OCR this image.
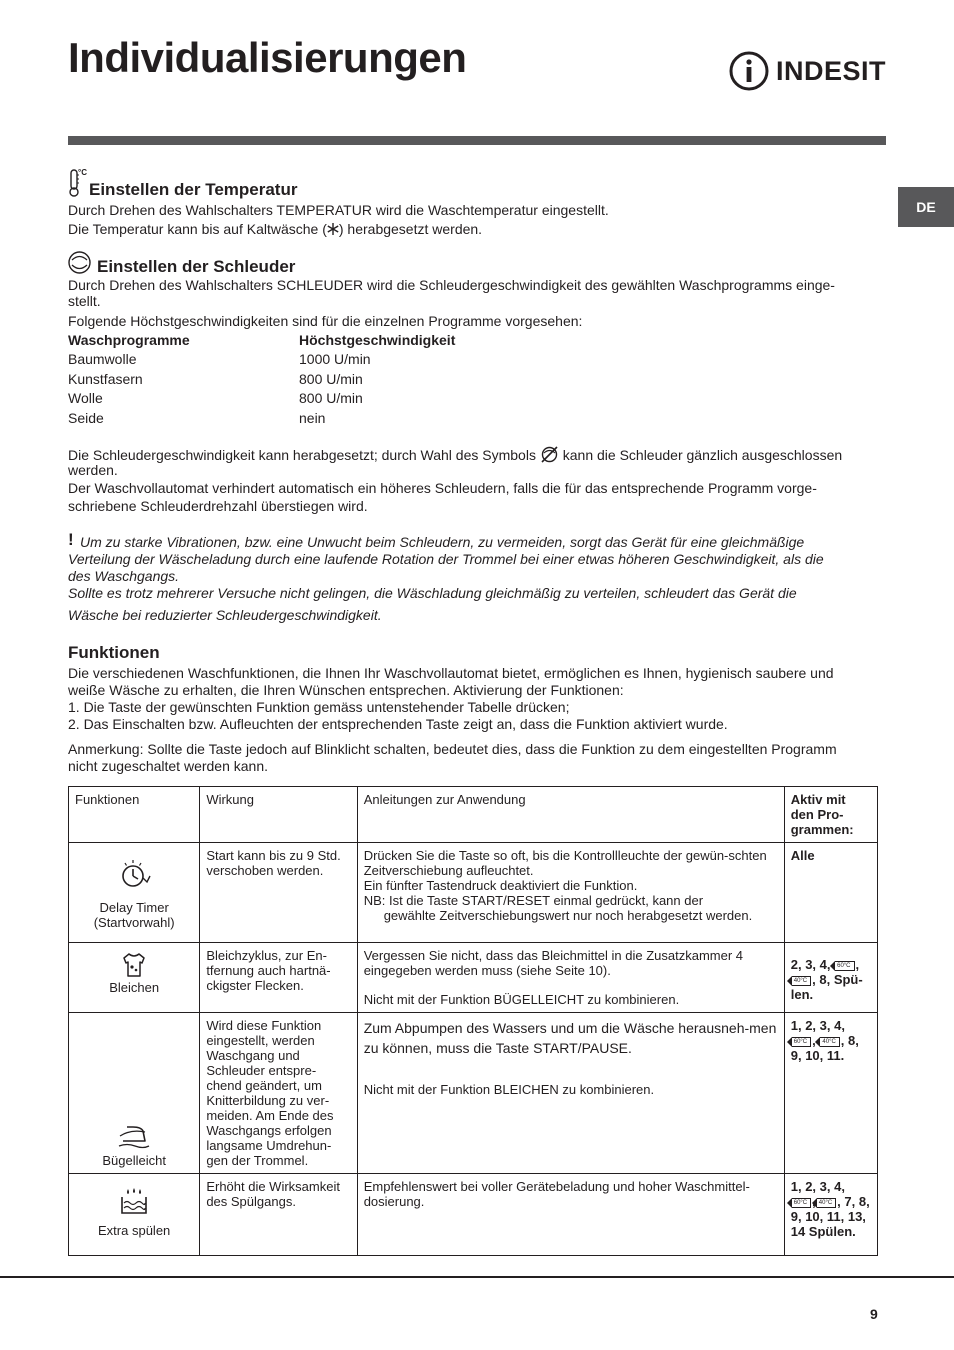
Individualisierungen	INDESIT
DE
°C
Einstellen der Temperatur

Durch Drehen des Wahlschalters TEMPERATUR wird die Waschtemperatur eingestellt.

Die Temperatur kann bis auf Kaltwäsche ( ) herabgesetzt werden.

Einstellen der Schleuder

Durch Drehen des Wahlschalters SCHLEUDER wird die Schleudergeschwindigkeit des gewählten Waschprogramms einge-

stellt.

Folgende Höchstgeschwindigkeiten sind für die einzelnen Programme vorgesehen:

Waschprogramme	Höchstgeschwindigkeit
Baumwolle	1000 U/min
Kunstfasern	800 U/min
Wolle	800 U/min
Seide	nein

Die Schleudergeschwindigkeit kann herabgesetzt; durch Wahl des Symbols kann die Schleuder gänzlich ausgeschlossen

werden.

Der Waschvollautomat verhindert automatisch ein höheres Schleudern, falls die für das entsprechende Programm vorge-

schriebene Schleuderdrehzahl überstiegen wird.

! Um zu starke Vibrationen, bzw. eine Unwucht beim Schleudern, zu vermeiden, sorgt das Gerät für eine gleichmäßige

Verteilung der Wäscheladung durch eine laufende Rotation der Trommel bei einer etwas höheren Geschwindigkeit, als die

des Waschgangs.

Sollte es trotz mehrerer Versuche nicht gelingen, die Wäschladung gleichmäßig zu verteilen, schleudert das Gerät die

Wäsche bei reduzierter Schleudergeschwindigkeit.

Funktionen

Die verschiedenen Waschfunktionen, die Ihnen Ihr Waschvollautomat bietet, ermöglichen es Ihnen, hygienisch saubere und

weiße Wäsche zu erhalten, die Ihren Wünschen entsprechen. Aktivierung der Funktionen:

1. Die Taste der gewünschten Funktion gemäss untenstehender Tabelle drücken;

2. Das Einschalten bzw. Aufleuchten der entsprechenden Taste zeigt an, dass die Funktion aktiviert wurde.

Anmerkung: Sollte die Taste jedoch auf Blinklicht schalten, bedeutet dies, dass die Funktion zu dem eingestellten Programm

nicht zugeschaltet werden kann.

Funktionen	Wirkung	Anleitungen zur Anwendung	Aktiv mit den Pro-grammen:

Delay Timer (Startvorwahl)	Start kann bis zu 9 Std. verschoben werden.	Drücken Sie die Taste so oft, bis die Kontrollleuchte der gewün-schten Zeitverschiebung aufleuchtet.
Ein fünfter Tastendruck deaktiviert die Funktion.
NB: Ist die Taste START/RESET einmal gedrückt, kann der
gewählte Zeitverschiebungswert nur noch herabgesetzt werden.	Alle

Bleichen	Bleichzyklus, zur En-tfernung auch hartnä-ckigster Flecken.	Vergessen Sie nicht, dass das Bleichmittel in die Zusatzkammer 4 eingegeben werden muss (siehe Seite 10).
Nicht mit der Funktion BÜGELLEICHT zu kombinieren.	2, 3, 4, 60°C ,
40°C , 8, Spü-len.

Bügelleicht	Wird diese Funktion eingestellt, werden Waschgang und Schleuder entspre-chend geändert, um Knitterbildung zu ver-meiden. Am Ende des Waschgangs erfolgen langsame Umdrehun-gen der Trommel.	Zum Abpumpen des Wassers und um die Wäsche herausneh-men zu können, muss die Taste START/PAUSE.
Nicht mit der Funktion BLEICHEN zu kombinieren.	1, 2, 3, 4,
60°C , 40°C , 8, 9, 10, 11.

Extra spülen	Erhöht die Wirksamkeit des Spülgangs.	Empfehlenswert bei voller Gerätebeladung und hoher Waschmittel-dosierung.	1, 2, 3, 4,
60°C , 40°C , 7, 8, 9, 10, 11, 13, 14 Spülen.
9
